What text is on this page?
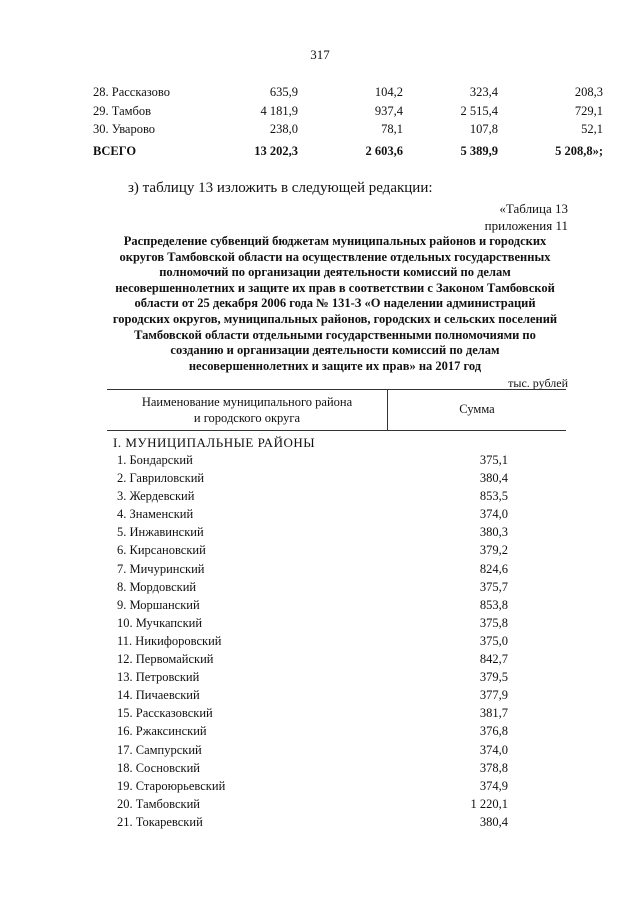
317
28. Рассказово	635,9	104,2	323,4	208,3
29. Тамбов	4 181,9	937,4	2 515,4	729,1
30. Уварово	238,0	78,1	107,8	52,1
ВСЕГО	13 202,3	2 603,6	5 389,9	5 208,8»;
з) таблицу 13 изложить в следующей редакции:
«Таблица 13
приложения 11
Распределение субвенций бюджетам муниципальных районов и городских округов Тамбовской области на осуществление отдельных государственных полномочий по организации деятельности комиссий по делам несовершеннолетних и защите их прав в соответствии с Законом Тамбовской области от 25 декабря 2006 года № 131-З «О наделении администраций городских округов, муниципальных районов, городских и сельских поселений Тамбовской области отдельными государственными полномочиями по созданию и организации деятельности комиссий по делам несовершеннолетних и защите их прав» на 2017 год
тыс. рублей
Наименование муниципального района
и городского округа
Сумма
I. МУНИЦИПАЛЬНЫЕ РАЙОНЫ
1. Бондарский	375,1
2. Гавриловский	380,4
3. Жердевский	853,5
4. Знаменский	374,0
5. Инжавинский	380,3
6. Кирсановский	379,2
7. Мичуринский	824,6
8. Мордовский	375,7
9. Моршанский	853,8
10. Мучкапский	375,8
11. Никифоровский	375,0
12. Первомайский	842,7
13. Петровский	379,5
14. Пичаевский	377,9
15. Рассказовский	381,7
16. Ржаксинский	376,8
17. Сампурский	374,0
18. Сосновский	378,8
19. Староюрьевский	374,9
20. Тамбовский	1 220,1
21. Токаревский	380,4
